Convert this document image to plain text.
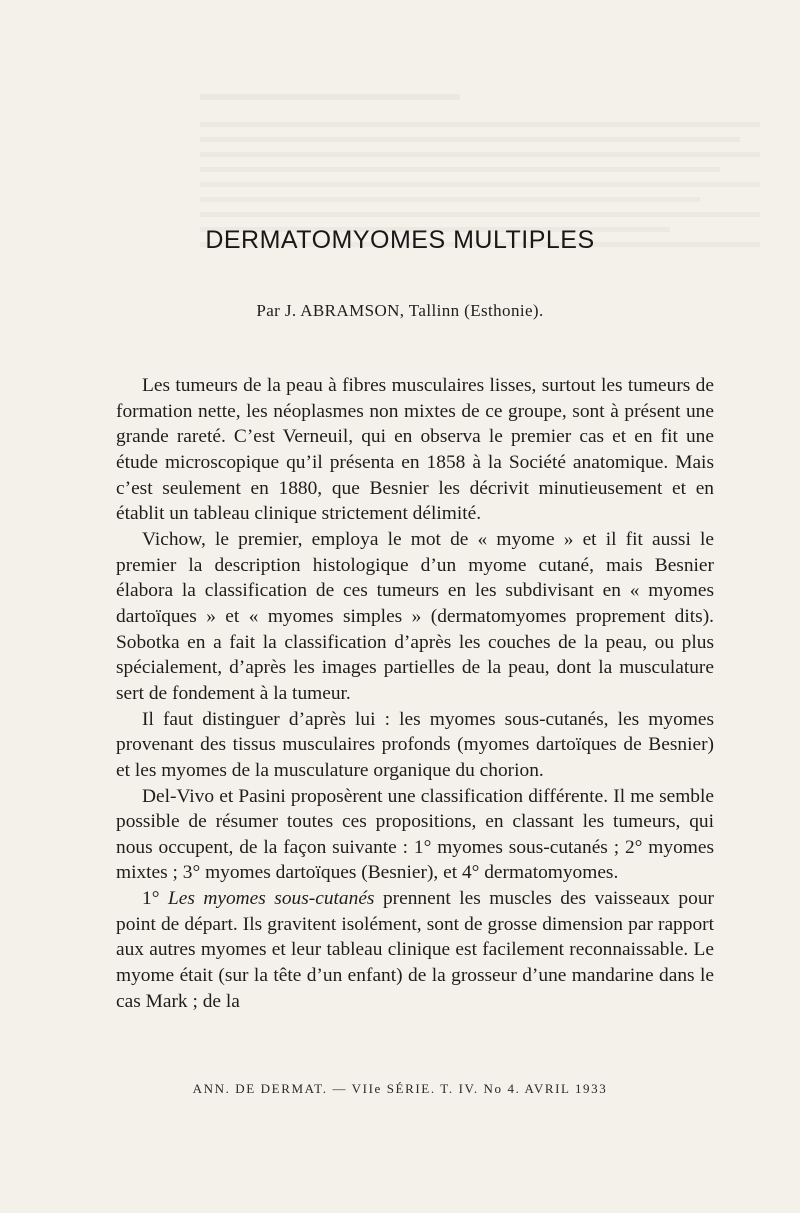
DERMATOMYOMES MULTIPLES
Par J. ABRAMSON, Tallinn (Esthonie).

Les tumeurs de la peau à fibres musculaires lisses, surtout les tumeurs de formation nette, les néoplasmes non mixtes de ce groupe, sont à présent une grande rareté. C’est Verneuil, qui en observa le premier cas et en fit une étude microscopique qu’il présenta en 1858 à la Société anatomique. Mais c’est seulement en 1880, que Besnier les décrivit minutieusement et en établit un tableau clinique strictement délimité.

Vichow, le premier, employa le mot de « myome » et il fit aussi le premier la description histologique d’un myome cutané, mais Besnier élabora la classification de ces tumeurs en les subdivisant en « myomes dartoïques » et « myomes simples » (dermatomyomes proprement dits). Sobotka en a fait la classification d’après les couches de la peau, ou plus spécialement, d’après les images partielles de la peau, dont la musculature sert de fondement à la tumeur.

Il faut distinguer d’après lui : les myomes sous-cutanés, les myomes provenant des tissus musculaires profonds (myomes dartoïques de Besnier) et les myomes de la musculature organique du chorion.

Del-Vivo et Pasini proposèrent une classification différente. Il me semble possible de résumer toutes ces propositions, en classant les tumeurs, qui nous occupent, de la façon suivante : 1° myomes sous-cutanés ; 2° myomes mixtes ; 3° myomes dartoïques (Besnier), et 4° dermatomyomes.

1° Les myomes sous-cutanés prennent les muscles des vaisseaux pour point de départ. Ils gravitent isolément, sont de grosse dimension par rapport aux autres myomes et leur tableau clinique est facilement reconnaissable. Le myome était (sur la tête d’un enfant) de la grosseur d’une mandarine dans le cas Mark ; de la

ANN. DE DERMAT. — VIIe SÉRIE. T. IV. No 4. AVRIL 1933
